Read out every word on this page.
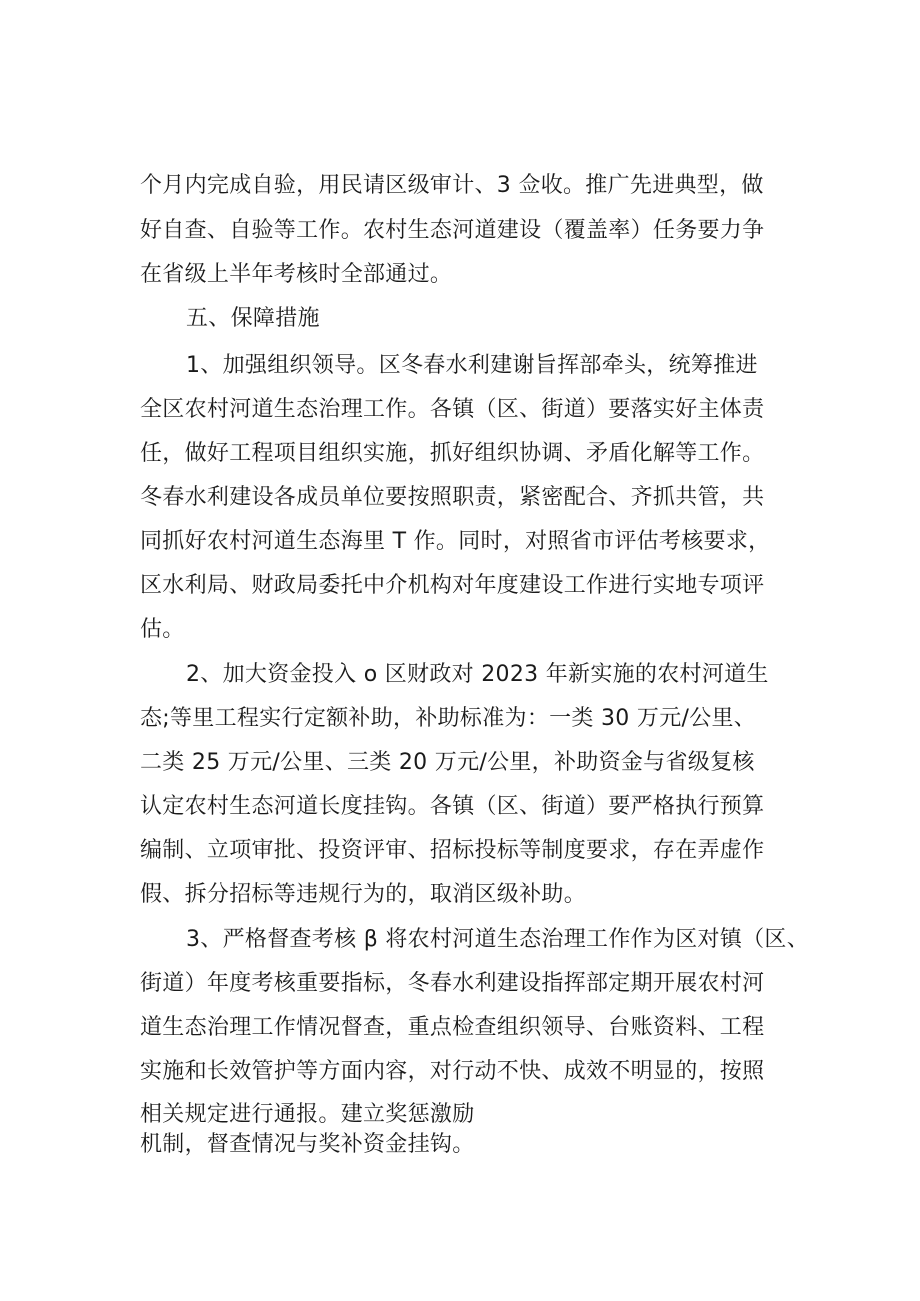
个月内完成自验，用民请区级审计、3 佥收。推广先进典型，做
好自查、自验等工作。农村生态河道建设（覆盖率）任务要力争
在省级上半年考核时全部通过。
五、保障措施
1、加强组织领导。区冬春水利建谢旨挥部牵头，统筹推进
全区农村河道生态治理工作。各镇（区、街道）要落实好主体责
任，做好工程项目组织实施，抓好组织协调、矛盾化解等工作。
冬春水利建设各成员单位要按照职责，紧密配合、齐抓共管，共
同抓好农村河道生态海里 T 作。同时，对照省市评估考核要求，
区水利局、财政局委托中介机构对年度建设工作进行实地专项评
估。
2、加大资金投入 o 区财政对 2023 年新实施的农村河道生
态;等里工程实行定额补助，补助标准为：一类 30 万元/公里、
二类 25 万元/公里、三类 20 万元/公里，补助资金与省级复核
认定农村生态河道长度挂钩。各镇（区、街道）要严格执行预算
编制、立项审批、投资评审、招标投标等制度要求，存在弄虚作
假、拆分招标等违规行为的，取消区级补助。
3、严格督查考核 β 将农村河道生态治理工作作为区对镇（区、
街道）年度考核重要指标，冬春水利建设指挥部定期开展农村河
道生态治理工作情况督查，重点检查组织领导、台账资料、工程
实施和长效管护等方面内容，对行动不快、成效不明显的，按照
相关规定进行通报。建立奖惩激励
机制，督查情况与奖补资金挂钩。
